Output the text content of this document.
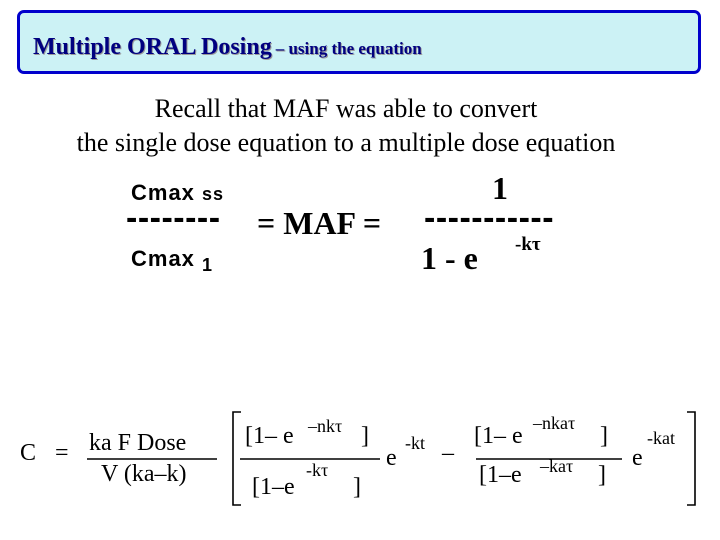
Multiple ORAL Dosing – using the equation
Recall that MAF was able to convert
the single dose equation to a multiple dose equation
Cmax ss
--------
Cmax $_1$
= MAF = -----------
1
1 - e -kτ
C = ka F Dose
V (ka–k)
[1– e –nkτ ]
[1–e
-kτ
]
e
-kt –
[1– e –nkaτ ]
[1–e –kaτ ]
e
-kat
